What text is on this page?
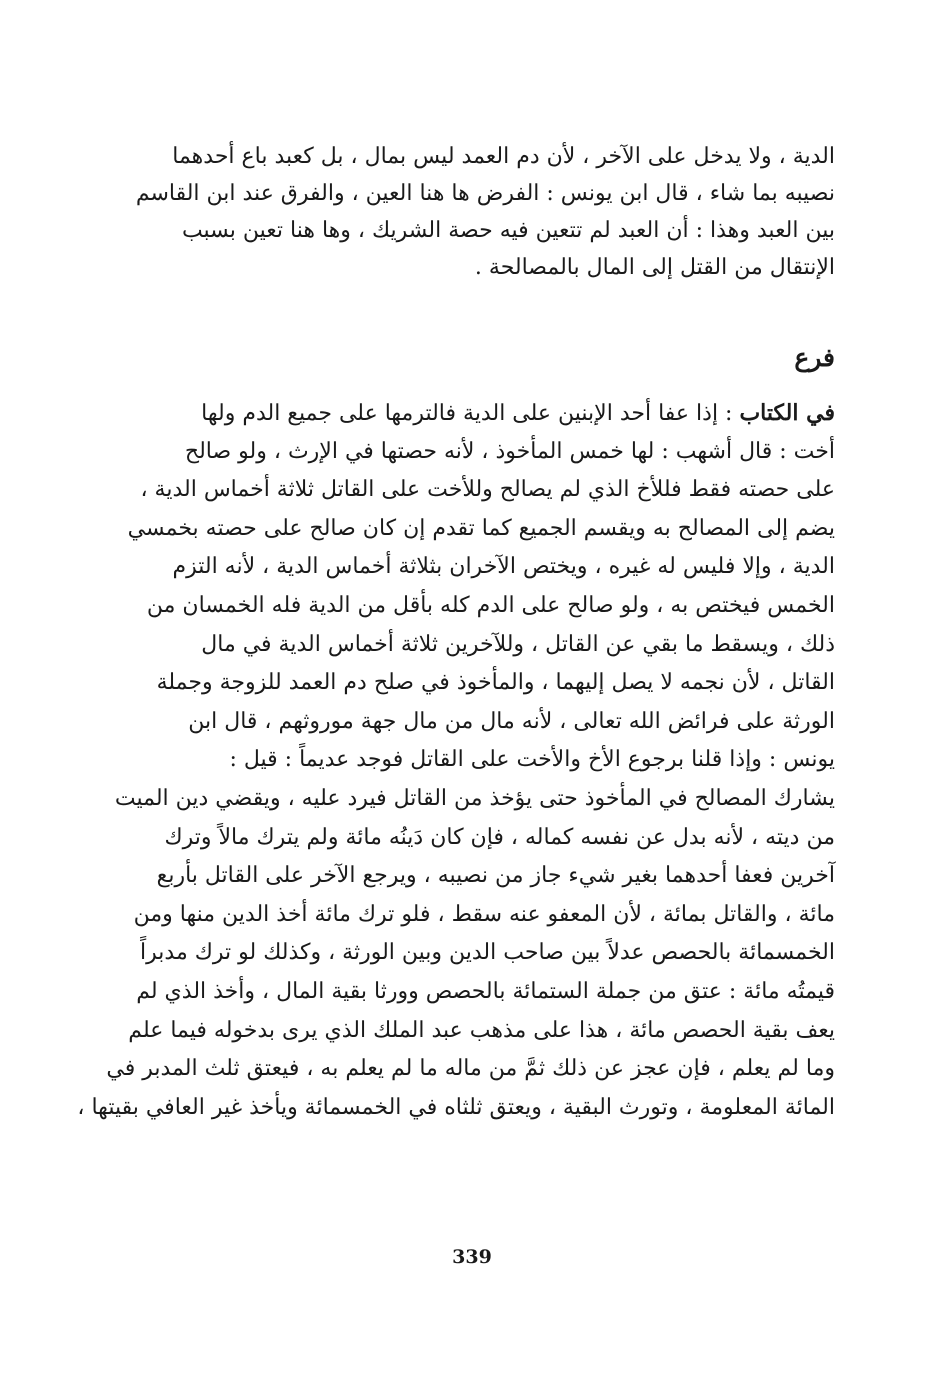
الدية ، ولا يدخل على الآخر ، لأن دم العمد ليس بمال ، بل كعبد باع أحدهما
نصيبه بما شاء ، قال ابن يونس : الفرض ها هنا العين ، والفرق عند ابن القاسم
بين العبد وهذا : أن العبد لم تتعين فيه حصة الشريك ، وها هنا تعين بسبب
الإنتقال من القتل إلى المال بالمصالحة .
فرع
في الكتاب : إذا عفا أحد الإبنين على الدية فالترمها على جميع الدم ولها
أخت : قال أشهب : لها خمس المأخوذ ، لأنه حصتها في الإرث ، ولو صالح
على حصته فقط فللأخ الذي لم يصالح وللأخت على القاتل ثلاثة أخماس الدية ،
يضم إلى المصالح به ويقسم الجميع كما تقدم إن كان صالح على حصته بخمسي
الدية ، وإلا فليس له غيره ، ويختص الآخران بثلاثة أخماس الدية ، لأنه التزم
الخمس فيختص به ، ولو صالح على الدم كله بأقل من الدية فله الخمسان من
ذلك ، ويسقط ما بقي عن القاتل ، وللآخرين ثلاثة أخماس الدية في مال
القاتل ، لأن نجمه لا يصل إليهما ، والمأخوذ في صلح دم العمد للزوجة وجملة
الورثة على فرائض الله تعالى ، لأنه مال من مال جهة موروثهم ، قال ابن
يونس : وإذا قلنا برجوع الأخ والأخت على القاتل فوجد عديماً : قيل :
يشارك المصالح في المأخوذ حتى يؤخذ من القاتل فيرد عليه ، ويقضي دين الميت
من ديته ، لأنه بدل عن نفسه كماله ، فإن كان دَينُه مائة ولم يترك مالاً وترك
آخرين فعفا أحدهما بغير شيء جاز من نصيبه ، ويرجع الآخر على القاتل بأربع
مائة ، والقاتل بمائة ، لأن المعفو عنه سقط ، فلو ترك مائة أخذ الدين منها ومن
الخمسمائة بالحصص عدلاً بين صاحب الدين وبين الورثة ، وكذلك لو ترك مدبراً
قيمتُه مائة : عتق من جملة الستمائة بالحصص وورثا بقية المال ، وأخذ الذي لم
يعف بقية الحصص مائة ، هذا على مذهب عبد الملك الذي يرى بدخوله فيما علم
وما لم يعلم ، فإن عجز عن ذلك ثمَّ من ماله ما لم يعلم به ، فيعتق ثلث المدبر في
المائة المعلومة ، وتورث البقية ، ويعتق ثلثاه في الخمسمائة ويأخذ غير العافي بقيتها ،
339
